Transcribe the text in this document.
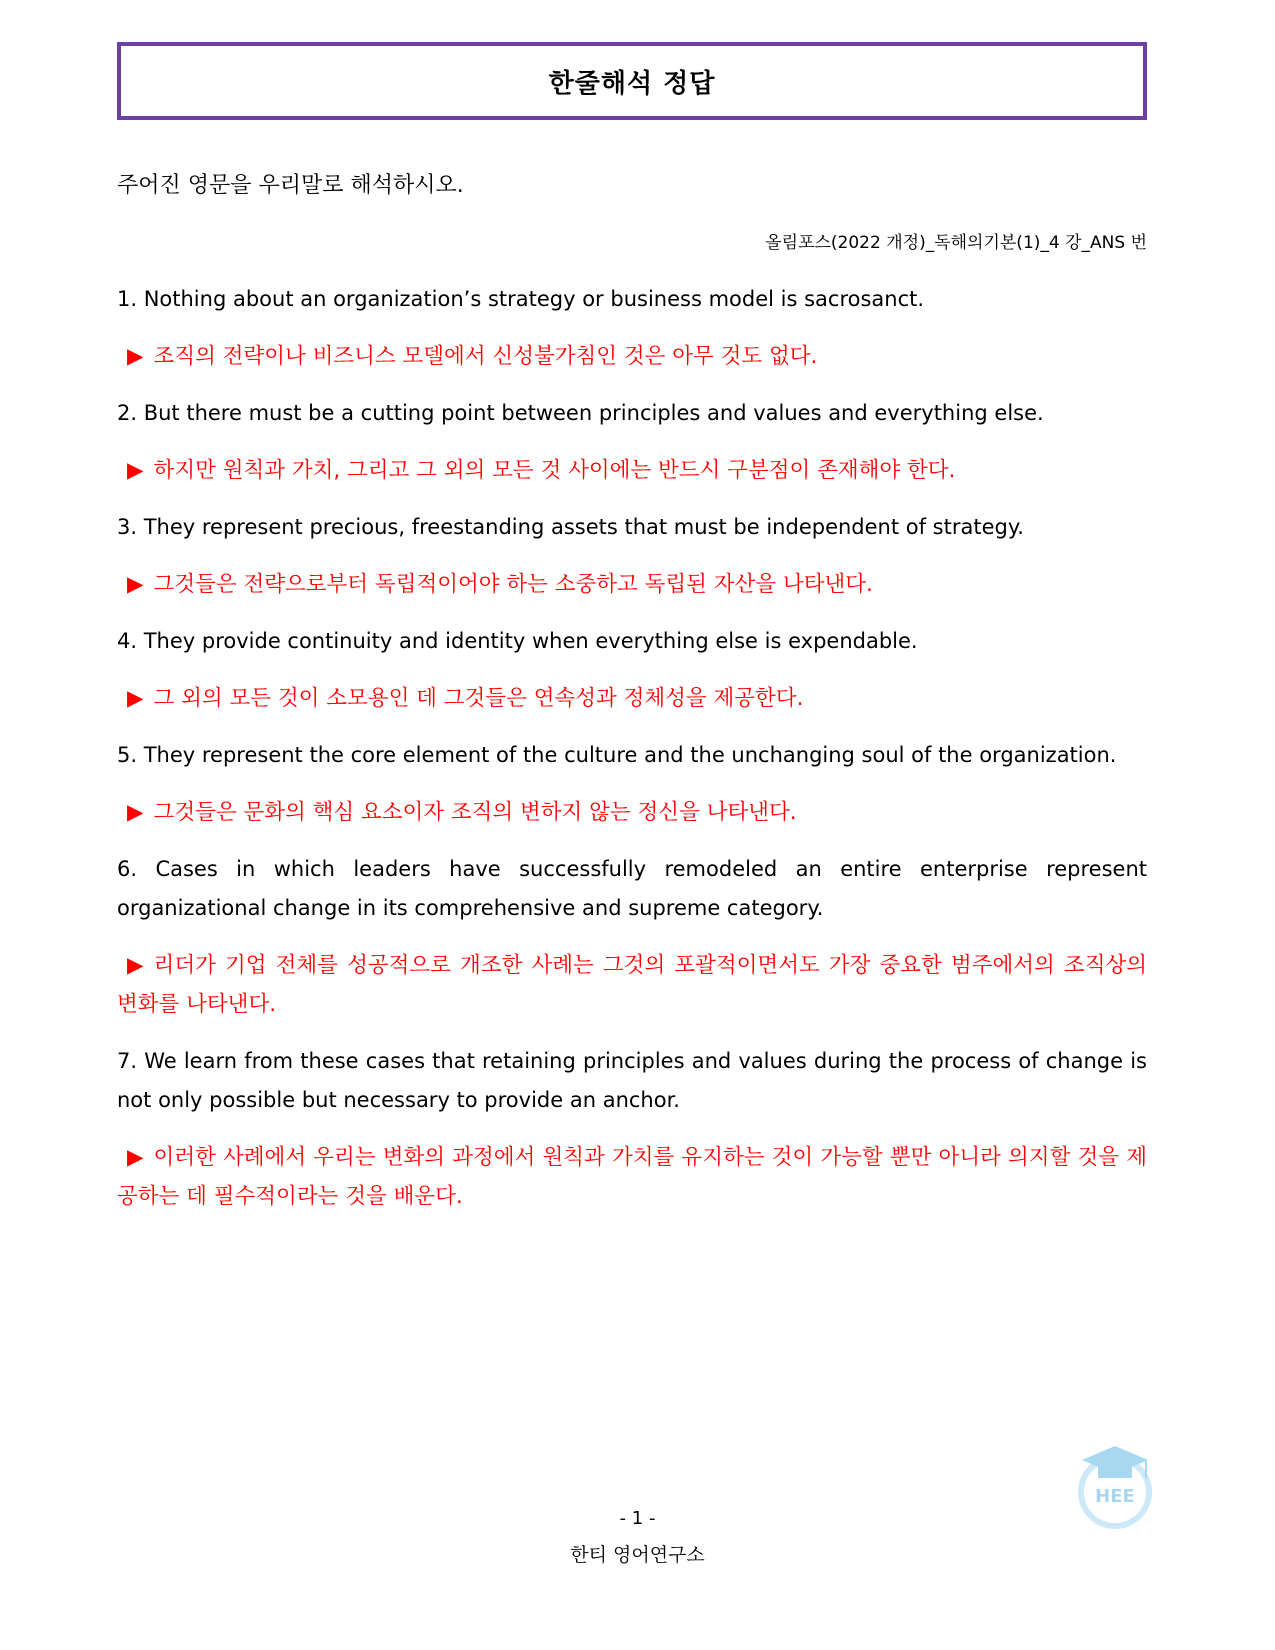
한줄해석 정답
주어진 영문을 우리말로 해석하시오.
올림포스(2022 개정)_독해의기본(1)_4 강_ANS 번
1. Nothing about an organization’s strategy or business model is sacrosanct.
▶ 조직의 전략이나 비즈니스 모델에서 신성불가침인 것은 아무 것도 없다.
2. But there must be a cutting point between principles and values and everything else.
▶ 하지만 원칙과 가치, 그리고 그 외의 모든 것 사이에는 반드시 구분점이 존재해야 한다.
3. They represent precious, freestanding assets that must be independent of strategy.
▶ 그것들은 전략으로부터 독립적이어야 하는 소중하고 독립된 자산을 나타낸다.
4. They provide continuity and identity when everything else is expendable.
▶ 그 외의 모든 것이 소모용인 데 그것들은 연속성과 정체성을 제공한다.
5. They represent the core element of the culture and the unchanging soul of the organization.
▶ 그것들은 문화의 핵심 요소이자 조직의 변하지 않는 정신을 나타낸다.
6. Cases in which leaders have successfully remodeled an entire enterprise represent organizational change in its comprehensive and supreme category.
▶ 리더가 기업 전체를 성공적으로 개조한 사례는 그것의 포괄적이면서도 가장 중요한 범주에서의 조직상의 변화를 나타낸다.
7. We learn from these cases that retaining principles and values during the process of change is not only possible but necessary to provide an anchor.
▶ 이러한 사례에서 우리는 변화의 과정에서 원칙과 가치를 유지하는 것이 가능할 뿐만 아니라 의지할 것을 제공하는 데 필수적이라는 것을 배운다.
HEE
- 1 -
한티 영어연구소
